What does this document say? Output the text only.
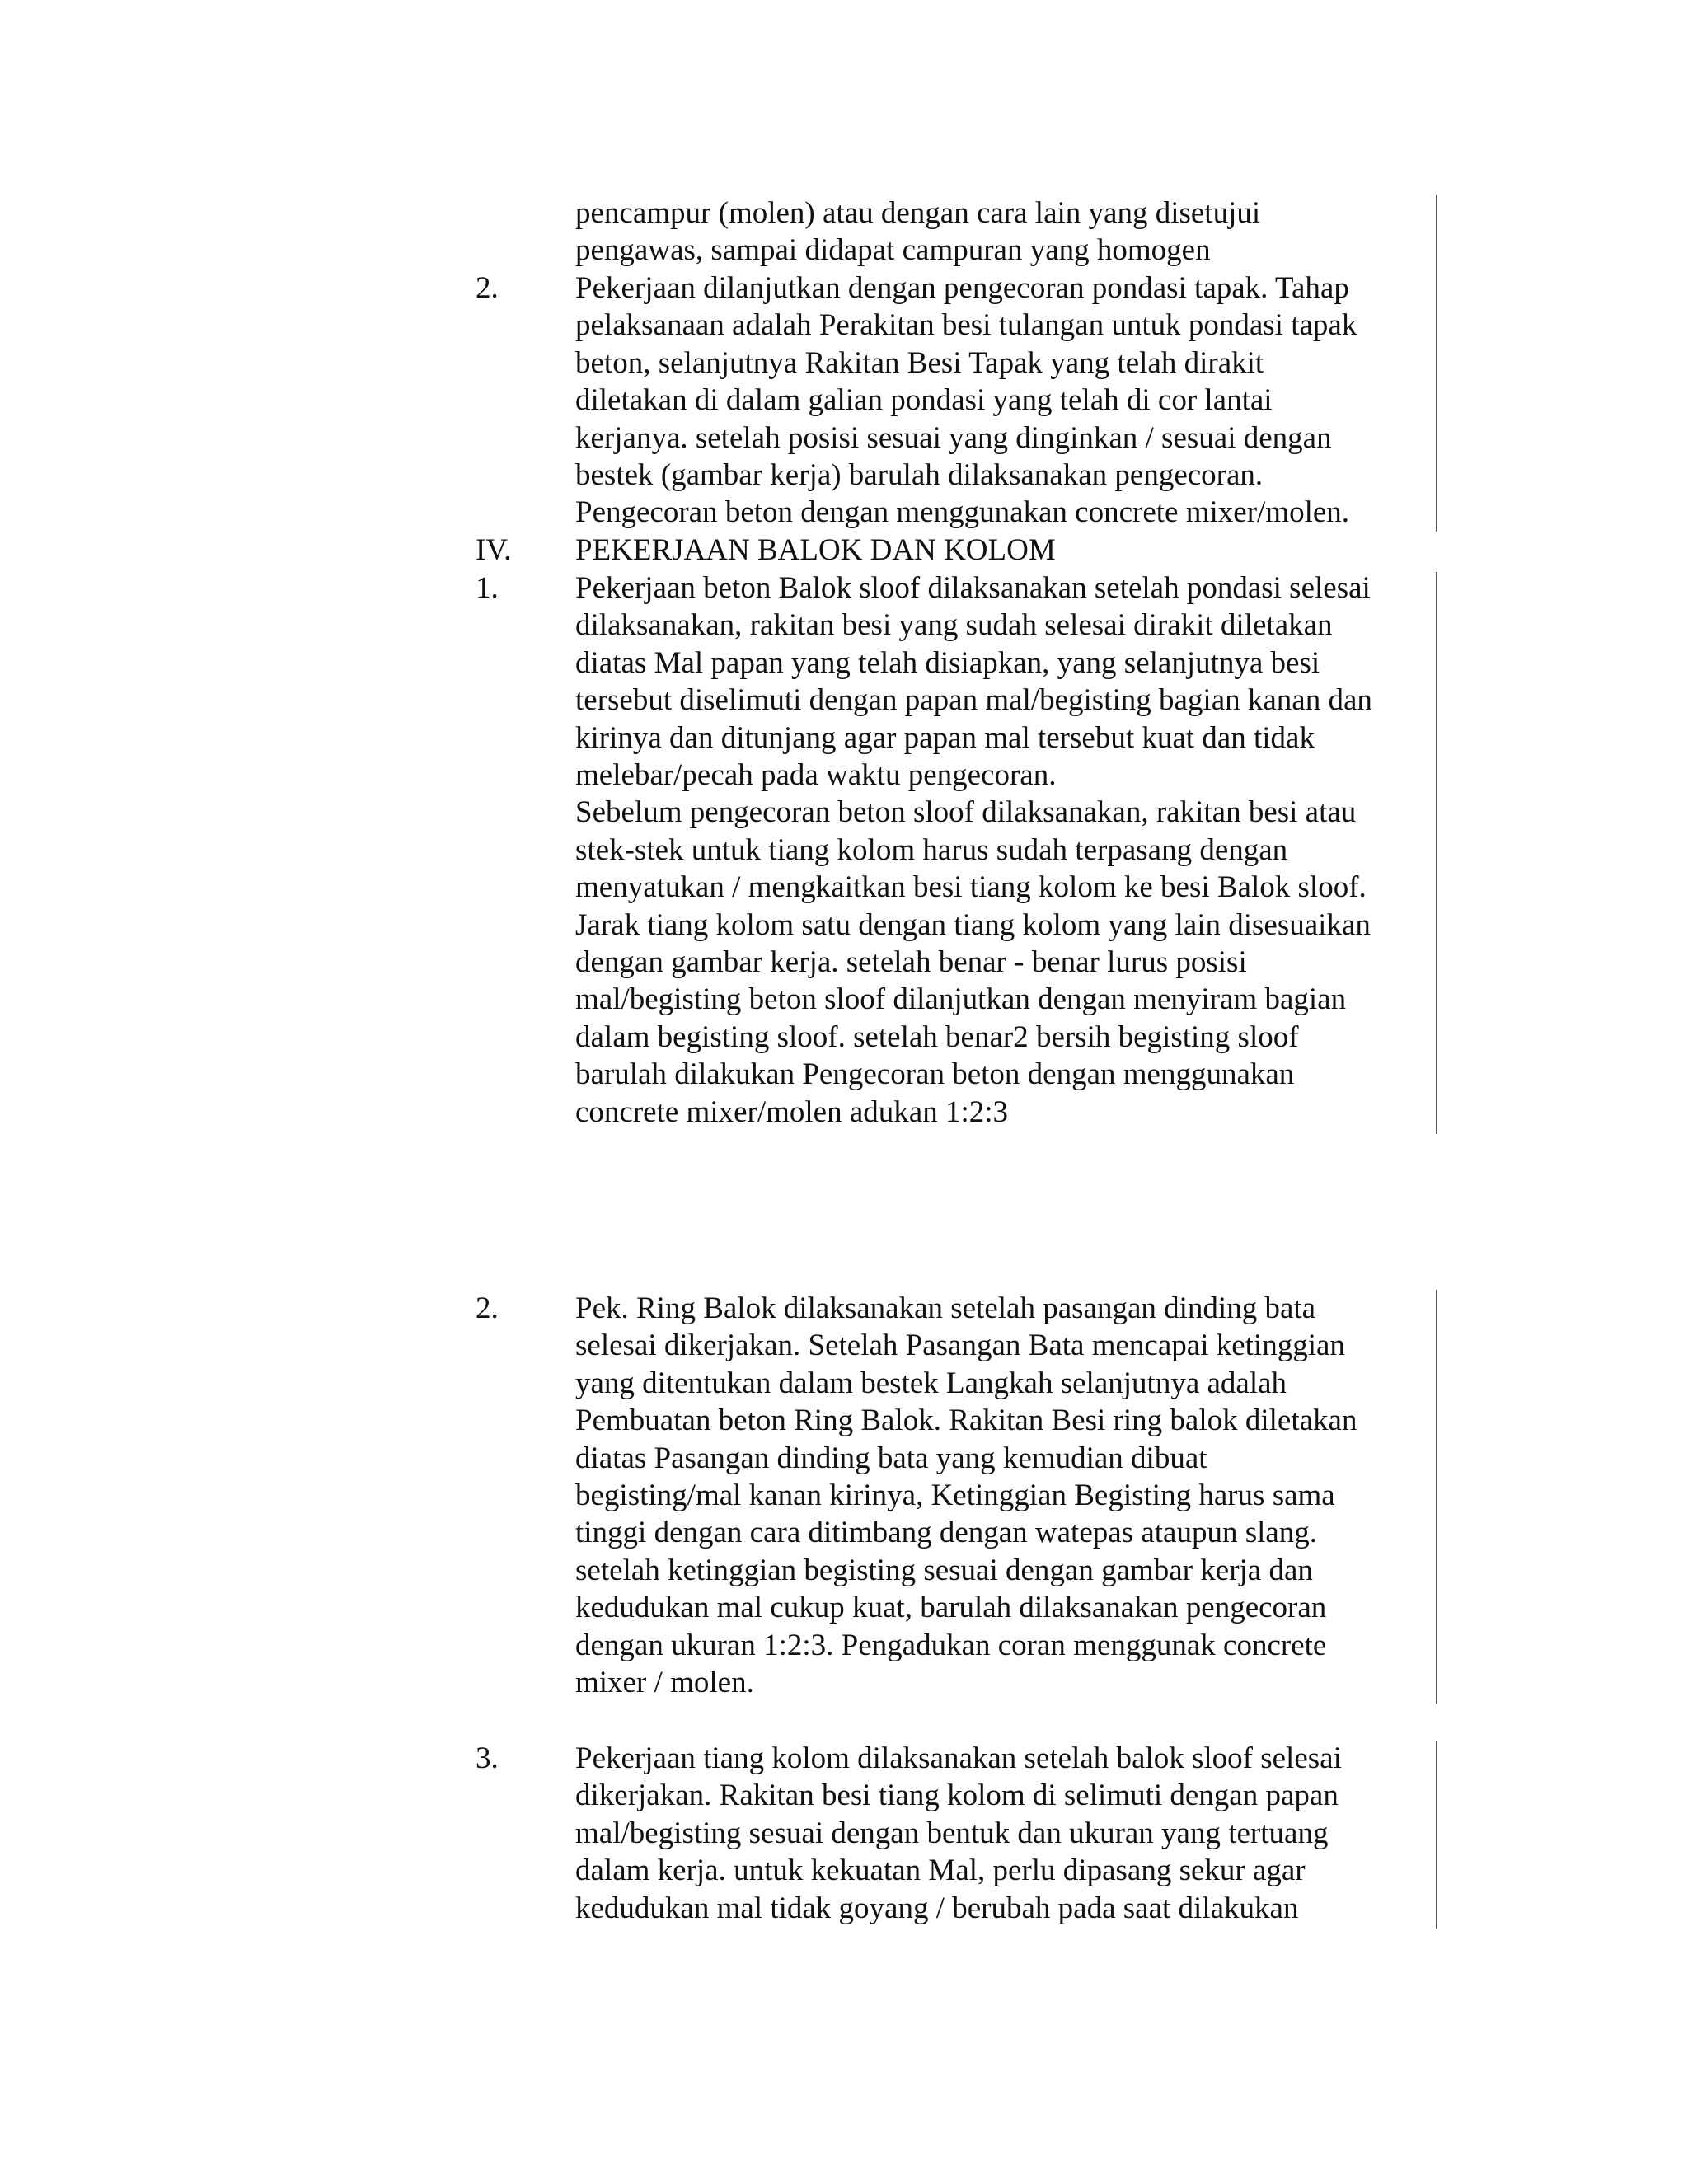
pencampur (molen) atau dengan cara lain yang disetujui
pengawas, sampai didapat campuran yang homogen
2.	Pekerjaan dilanjutkan dengan pengecoran pondasi tapak. Tahap
pelaksanaan adalah Perakitan besi tulangan untuk pondasi tapak
beton, selanjutnya Rakitan Besi Tapak yang telah dirakit
diletakan di dalam galian pondasi yang telah di cor lantai
kerjanya. setelah posisi sesuai yang dinginkan / sesuai dengan
bestek (gambar kerja) barulah dilaksanakan pengecoran.
Pengecoran beton dengan menggunakan concrete mixer/molen.
IV. PEKERJAAN BALOK DAN KOLOM
1.	Pekerjaan beton Balok sloof dilaksanakan setelah pondasi selesai
dilaksanakan, rakitan besi yang sudah selesai dirakit diletakan
diatas Mal papan yang telah disiapkan, yang selanjutnya besi
tersebut diselimuti dengan papan mal/begisting bagian kanan dan
kirinya dan ditunjang agar papan mal tersebut kuat dan tidak
melebar/pecah pada waktu pengecoran.
Sebelum pengecoran beton sloof dilaksanakan, rakitan besi atau
stek-stek untuk tiang kolom harus sudah terpasang dengan
menyatukan / mengkaitkan besi tiang kolom ke besi Balok sloof.
Jarak tiang kolom satu dengan tiang kolom yang lain disesuaikan
dengan gambar kerja. setelah benar - benar lurus posisi
mal/begisting beton sloof dilanjutkan dengan menyiram bagian
dalam begisting sloof. setelah benar2 bersih begisting sloof
barulah dilakukan Pengecoran beton dengan menggunakan
concrete mixer/molen adukan 1:2:3
2.	Pek. Ring Balok dilaksanakan setelah pasangan dinding bata
selesai dikerjakan. Setelah Pasangan Bata mencapai ketinggian
yang ditentukan dalam bestek Langkah selanjutnya adalah
Pembuatan beton Ring Balok. Rakitan Besi ring balok diletakan
diatas Pasangan dinding bata yang kemudian dibuat
begisting/mal kanan kirinya, Ketinggian Begisting harus sama
tinggi dengan cara ditimbang dengan watepas ataupun slang.
setelah ketinggian begisting sesuai dengan gambar kerja dan
kedudukan mal cukup kuat, barulah dilaksanakan pengecoran
dengan ukuran 1:2:3. Pengadukan coran menggunak concrete
mixer / molen.
3.	Pekerjaan tiang kolom dilaksanakan setelah balok sloof selesai
dikerjakan. Rakitan besi tiang kolom di selimuti dengan papan
mal/begisting sesuai dengan bentuk dan ukuran yang tertuang
dalam kerja. untuk kekuatan Mal, perlu dipasang sekur agar
kedudukan mal tidak goyang / berubah pada saat dilakukan
